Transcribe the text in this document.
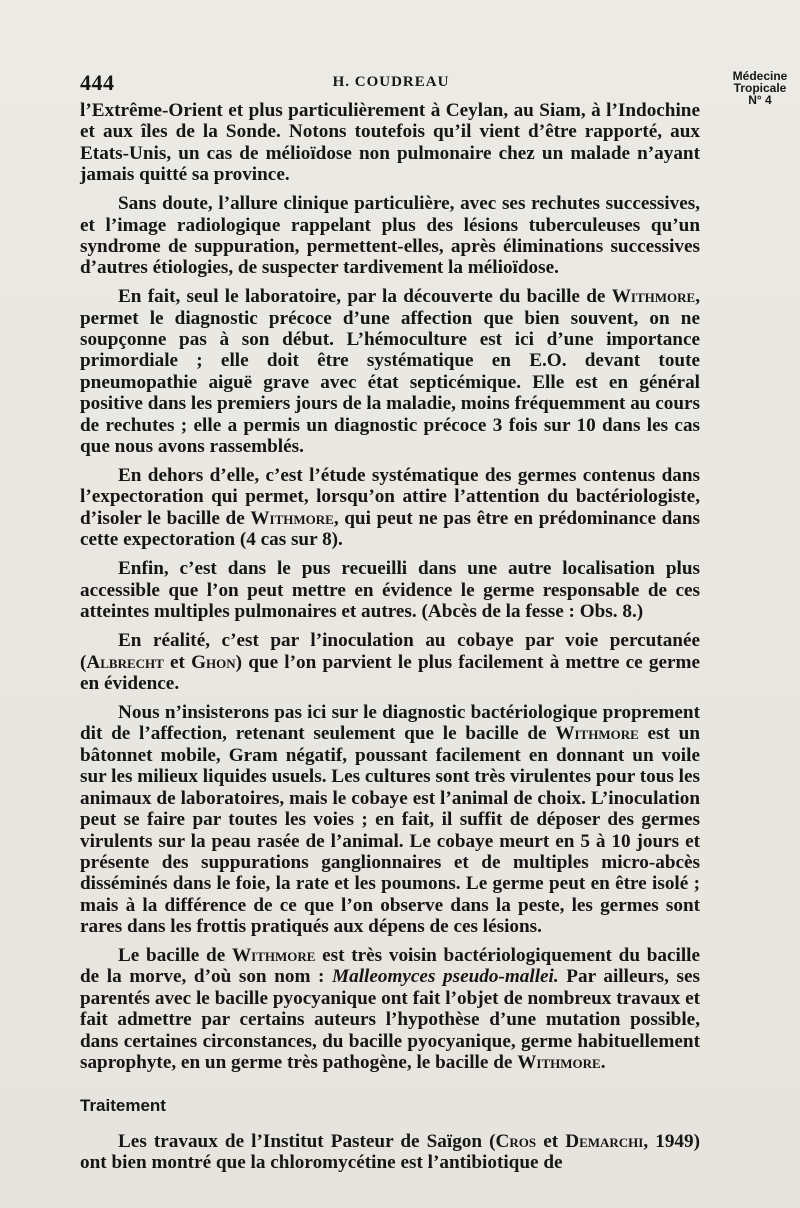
444	H. COUDREAU	Médecine
Tropicale
N° 4

l’Extrême-Orient et plus particulièrement à Ceylan, au Siam, à l’Indochine et aux îles de la Sonde. Notons toutefois qu’il vient d’être rapporté, aux Etats-Unis, un cas de mélioïdose non pulmonaire chez un malade n’ayant jamais quitté sa province.

Sans doute, l’allure clinique particulière, avec ses rechutes successives, et l’image radiologique rappelant plus des lésions tuberculeuses qu’un syndrome de suppuration, permettent-elles, après éliminations successives d’autres étiologies, de suspecter tardivement la mélioïdose.

En fait, seul le laboratoire, par la découverte du bacille de Withmore, permet le diagnostic précoce d’une affection que bien souvent, on ne soupçonne pas à son début. L’hémoculture est ici d’une importance primordiale ; elle doit être systématique en E.O. devant toute pneumopathie aiguë grave avec état septicémique. Elle est en général positive dans les premiers jours de la maladie, moins fréquemment au cours de rechutes ; elle a permis un diagnostic précoce 3 fois sur 10 dans les cas que nous avons rassemblés.

En dehors d’elle, c’est l’étude systématique des germes contenus dans l’expectoration qui permet, lorsqu’on attire l’attention du bactériologiste, d’isoler le bacille de Withmore, qui peut ne pas être en prédominance dans cette expectoration (4 cas sur 8).

Enfin, c’est dans le pus recueilli dans une autre localisation plus accessible que l’on peut mettre en évidence le germe responsable de ces atteintes multiples pulmonaires et autres. (Abcès de la fesse : Obs. 8.)

En réalité, c’est par l’inoculation au cobaye par voie percutanée (Albrecht et Ghon) que l’on parvient le plus facilement à mettre ce germe en évidence.

Nous n’insisterons pas ici sur le diagnostic bactériologique proprement dit de l’affection, retenant seulement que le bacille de Withmore est un bâtonnet mobile, Gram négatif, poussant facilement en donnant un voile sur les milieux liquides usuels. Les cultures sont très virulentes pour tous les animaux de laboratoires, mais le cobaye est l’animal de choix. L’inoculation peut se faire par toutes les voies ; en fait, il suffit de déposer des germes virulents sur la peau rasée de l’animal. Le cobaye meurt en 5 à 10 jours et présente des suppurations ganglionnaires et de multiples micro-abcès disséminés dans le foie, la rate et les poumons. Le germe peut en être isolé ; mais à la différence de ce que l’on observe dans la peste, les germes sont rares dans les frottis pratiqués aux dépens de ces lésions.

Le bacille de Withmore est très voisin bactériologiquement du bacille de la morve, d’où son nom : Malleomyces pseudo-mallei. Par ailleurs, ses parentés avec le bacille pyocyanique ont fait l’objet de nombreux travaux et fait admettre par certains auteurs l’hypothèse d’une mutation possible, dans certaines circonstances, du bacille pyocyanique, germe habituellement saprophyte, en un germe très pathogène, le bacille de Withmore.

Traitement

Les travaux de l’Institut Pasteur de Saïgon (Cros et Demarchi, 1949) ont bien montré que la chloromycétine est l’antibiotique de
